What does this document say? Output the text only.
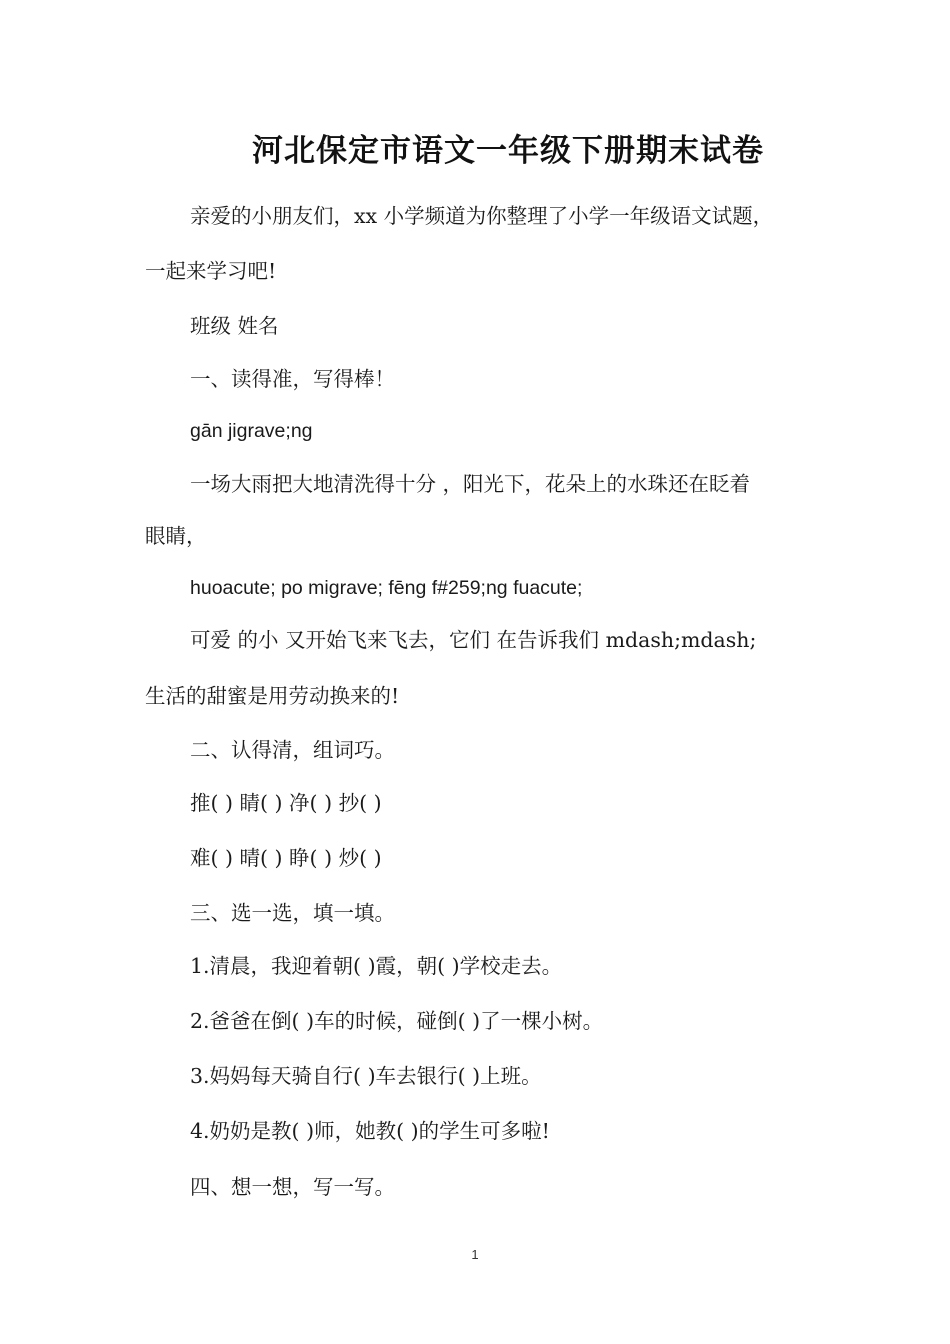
河北保定市语文一年级下册期末试卷
亲爱的小朋友们，xx 小学频道为你整理了小学一年级语文试题，
一起来学习吧!
班级 姓名
一、读得准，写得棒！
gān jigrave;ng
一场大雨把大地清洗得十分 ，阳光下，花朵上的水珠还在眨着
眼睛，
huoacute; po migrave; fēng f#259;ng fuacute;
可爱 的小 又开始飞来飞去，它们 在告诉我们 mdash;mdash;
生活的甜蜜是用劳动换来的!
二、认得清，组词巧。
推( ) 睛( ) 净( ) 抄( )
难( ) 晴( ) 睁( ) 炒( )
三、选一选，填一填。
1.清晨，我迎着朝( )霞，朝( )学校走去。
2.爸爸在倒( )车的时候，碰倒( )了一棵小树。
3.妈妈每天骑自行( )车去银行( )上班。
4.奶奶是教( )师，她教( )的学生可多啦!
四、想一想，写一写。
1
